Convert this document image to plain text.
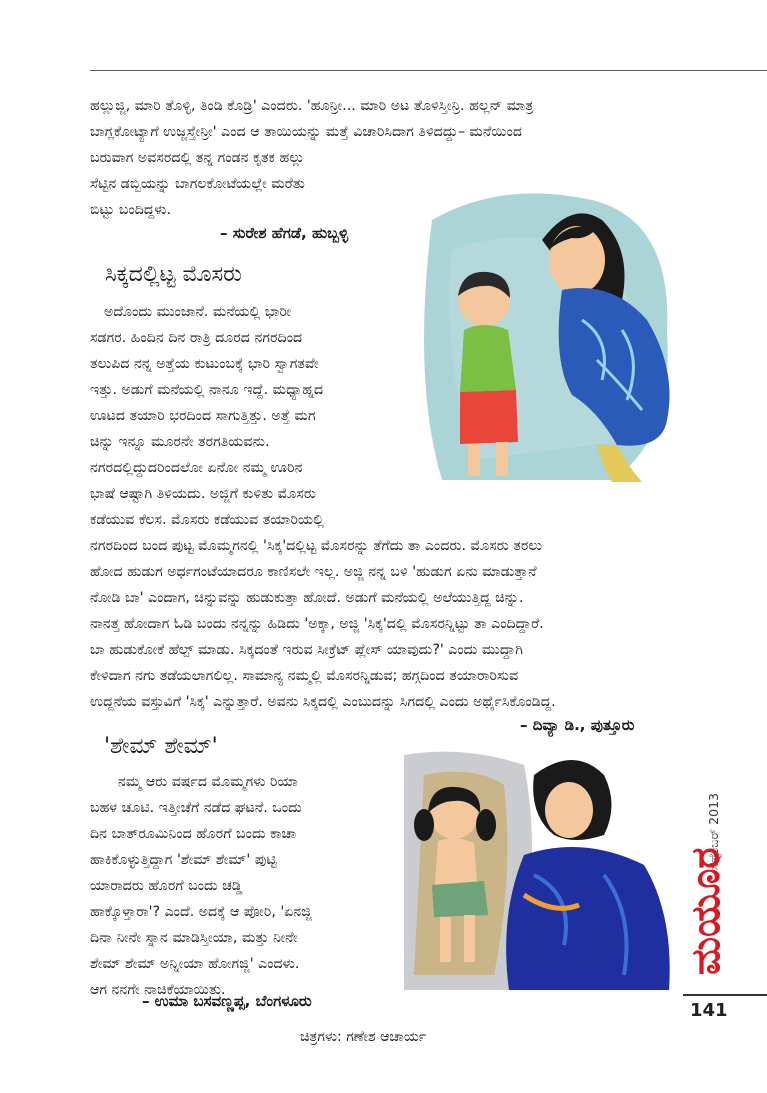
ಹಲ್ಲುಜ್ಜಿ, ಮಾರಿ ತೊಳ್ಳಿ, ತಿಂಡಿ ಕೊಡ್ರಿ' ಎಂದರು. 'ಹೂನ್ರೀ... ಮಾರಿ ಅಟ ತೊಳಿಸ್ತೀನ್ರಿ. ಹಲ್ಲನ್ ಮಾತ್ರ
ಬಾಗ್ಲಕೋಟ್ಯಾಗೆ ಉಜ್ಜಸ್ತೇನ್ರೀ' ಎಂದ ಆ ತಾಯಿಯನ್ನು ಮತ್ತೆ ವಿಚಾರಿಸಿದಾಗ ತಿಳಿದದ್ದು– ಮನೆಯಿಂದ
ಬರುವಾಗ ಅವಸರದಲ್ಲಿ ತನ್ನ ಗಂಡನ ಕೃತಕ ಹಲ್ಲು
ಸೆಟ್ಟಿನ ಡಬ್ಬಿಯನ್ನು ಬಾಗಲಕೋಟೆಯಲ್ಲೇ ಮರೆತು
ಬಿಟ್ಟು ಬಂದಿದ್ದಳು.
– ಸುರೇಶ ಹೆಗಡೆ, ಹುಬ್ಬಳ್ಳಿ
ಸಿಕ್ಕದಲ್ಲಿಟ್ಟ ಮೊಸರು
ಅದೊಂದು ಮುಂಜಾನೆ. ಮನೆಯಲ್ಲಿ ಭಾರೀ
ಸಡಗರ. ಹಿಂದಿನ ದಿನ ರಾತ್ರಿ ದೂರದ ನಗರದಿಂದ
ತಲುಪಿದ ನನ್ನ ಅತ್ತೆಯ ಕುಟುಂಬಕ್ಕೆ ಭಾರಿ ಸ್ವಾಗತವೇ
ಇತ್ತು. ಅಡುಗೆ ಮನೆಯಲ್ಲಿ ನಾನೂ ಇದ್ದೆ. ಮಧ್ಯಾಹ್ನದ
ಊಟದ ತಯಾರಿ ಭರದಿಂದ ಸಾಗುತ್ತಿತ್ತು. ಅತ್ತೆ ಮಗ
ಚಿನ್ನು ಇನ್ನೂ ಮೂರನೇ ತರಗತಿಯವನು.
ನಗರದಲ್ಲಿದ್ದುದರಿಂದಲೋ ಏನೋ ನಮ್ಮ ಊರಿನ
ಭಾಷೆ ಆಷ್ಟಾಗಿ ತಿಳಿಯದು. ಅಜ್ಜಿಗೆ ಕುಳಿತು ಮೊಸರು
ಕಡೆಯುವ ಕೆಲಸ. ಮೊಸರು ಕಡೆಯುವ ತಯಾರಿಯಲ್ಲಿ
ನಗರದಿಂದ ಬಂದ ಪುಟ್ಟ ಮೊಮ್ಮಗನಲ್ಲಿ 'ಸಿಕ್ಕ'ದಲ್ಲಿಟ್ಟ ಮೊಸರನ್ನು ತೆಗೆದು ತಾ ಎಂದರು. ಮೊಸರು ತರಲು
ಹೋದ ಹುಡುಗ ಅರ್ಧಗಂಟೆಯಾದರೂ ಕಾಣಿಸಲೇ ಇಲ್ಲ. ಅಜ್ಜಿ ನನ್ನ ಬಳಿ 'ಹುಡುಗ ಏನು ಮಾಡುತ್ತಾನೆ
ನೋಡಿ ಬಾ' ಎಂದಾಗ, ಚಿನ್ನುವನ್ನು ಹುಡುಕುತ್ತಾ ಹೋದೆ. ಅಡುಗೆ ಮನೆಯಲ್ಲಿ ಅಲೆಯುತ್ತಿದ್ದ ಚಿನ್ನು.
ನಾನತ್ತ ಹೋದಾಗ ಓಡಿ ಬಂದು ನನ್ನನ್ನು ಹಿಡಿದು 'ಅಕ್ಕಾ, ಅಜ್ಜಿ 'ಸಿಕ್ಕ'ದಲ್ಲಿ ಮೊಸರನ್ನಿಟ್ಟು ತಾ ಎಂದಿದ್ದಾರೆ.
ಬಾ ಹುಡುಕೋಕೆ ಹೆಲ್ಪ್ ಮಾಡು. ಸಿಕ್ಕದಂತೆ ಇರುವ ಸೀಕ್ರೆಟ್ ಪ್ಲೇಸ್ ಯಾವುದು?' ಎಂದು ಮುದ್ದಾಗಿ
ಕೇಳಿದಾಗ ನಗು ತಡೆಯಲಾಗಲಿಲ್ಲ. ಸಾಮಾನ್ಯ ನಮ್ಮಲ್ಲಿ ಮೊಸರನ್ನಿಡುವ; ಹಗ್ಗದಿಂದ ತಯಾರಾರಿಸುವ
ಉದ್ದನೆಯ ವಸ್ತುವಿಗೆ 'ಸಿಕ್ಕ' ಎನ್ನುತ್ತಾರೆ. ಅವನು ಸಿಕ್ಕದಲ್ಲಿ ಎಂಬುದನ್ನು ಸಿಗದಲ್ಲಿ ಎಂದು ಅರ್ಥೈಸಿಕೊಂಡಿದ್ದ.
– ದಿವ್ಯಾ ಡಿ., ಪುತ್ತೂರು
'ಶೇಮ್ ಶೇಮ್'
ನಮ್ಮ ಆರು ವರ್ಷದ ಮೊಮ್ಮಗಳು ರಿಯಾ
ಬಹಳ ಚೂಟಿ. ಇತ್ತೀಚೆಗೆ ನಡೆದ ಘಟನೆ. ಒಂದು
ದಿನ ಬಾತ್‌ರೂಮಿನಿಂದ ಹೊರಗೆ ಬಂದು ಕಾಚಾ
ಹಾಕಿಕೊಳ್ಳುತ್ತಿದ್ದಾಗ 'ಶೇಮ್ ಶೇಮ್' ಪುಟ್ಟಿ
ಯಾರಾದರು ಹೊರಗೆ ಬಂದು ಚಡ್ಡಿ
ಹಾಕ್ಕೊಳ್ತಾರಾ'? ಎಂದೆ. ಅದಕ್ಕೆ ಆ ಪೋರಿ, 'ಏನಜ್ಜಿ
ದಿನಾ ನೀನೇ ಸ್ನಾನ ಮಾಡಿಸ್ತೀಯಾ, ಮತ್ತು ನೀನೇ
ಶೇಮ್ ಶೇಮ್ ಅನ್ನೀಯಾ ಹೋಗಜ್ಜಿ' ಎಂದಳು.
ಆಗ ನನಗೇ ನಾಚಿಕೆಯಾಯಿತು.
– ಉಮಾ ಬಸವಣ್ಣಪ್ಪ, ಬೆಂಗಳೂರು
ಸೆಪ್ಟೆಂಬರ್ 2013
ಮಯೂರ
141
ಚಿತ್ರಗಳು: ಗಣೇಶ ಆಚಾರ್ಯ
